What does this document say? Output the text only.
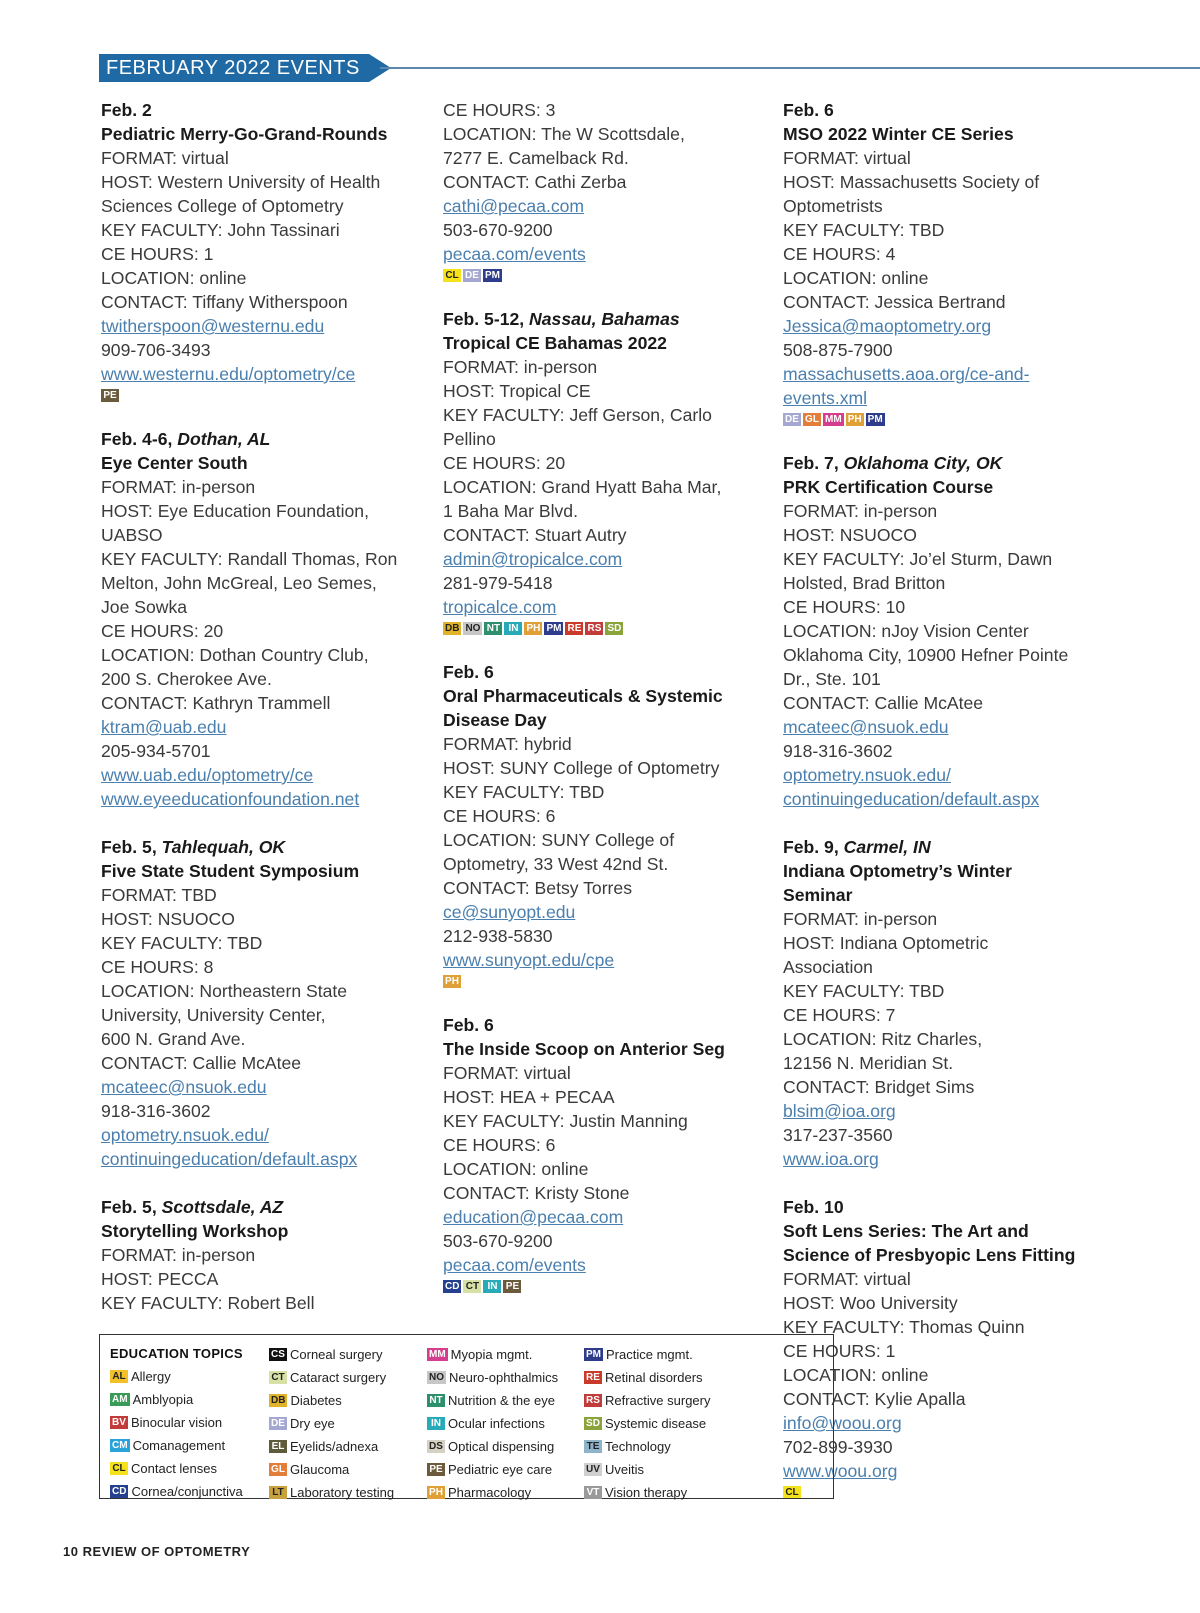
FEBRUARY 2022 EVENTS
Feb. 2
Pediatric Merry-Go-Grand-Rounds
FORMAT: virtual
HOST: Western University of Health
Sciences College of Optometry
KEY FACULTY: John Tassinari
CE HOURS: 1
LOCATION: online
CONTACT: Tiffany Witherspoon
twitherspoon@westernu.edu
909-706-3493
www.westernu.edu/optometry/ce
PE
Feb. 4-6, Dothan, AL
Eye Center South
FORMAT: in-person
HOST: Eye Education Foundation,
UABSO
KEY FACULTY: Randall Thomas, Ron
Melton, John McGreal, Leo Semes,
Joe Sowka
CE HOURS: 20
LOCATION: Dothan Country Club,
200 S. Cherokee Ave.
CONTACT: Kathryn Trammell
ktram@uab.edu
205-934-5701
www.uab.edu/optometry/ce
www.eyeeducationfoundation.net
Feb. 5, Tahlequah, OK
Five State Student Symposium
FORMAT: TBD
HOST: NSUOCO
KEY FACULTY: TBD
CE HOURS: 8
LOCATION: Northeastern State
University, University Center,
600 N. Grand Ave.
CONTACT: Callie McAtee
mcateec@nsuok.edu
918-316-3602
optometry.nsuok.edu/
continuingeducation/default.aspx
Feb. 5, Scottsdale, AZ
Storytelling Workshop
FORMAT: in-person
HOST: PECCA
KEY FACULTY: Robert Bell
CE HOURS: 3
LOCATION: The W Scottsdale,
7277 E. Camelback Rd.
CONTACT: Cathi Zerba
cathi@pecaa.com
503-670-9200
pecaa.com/events
CL DE PM
Feb. 5-12, Nassau, Bahamas
Tropical CE Bahamas 2022
FORMAT: in-person
HOST: Tropical CE
KEY FACULTY: Jeff Gerson, Carlo
Pellino
CE HOURS: 20
LOCATION: Grand Hyatt Baha Mar,
1 Baha Mar Blvd.
CONTACT: Stuart Autry
admin@tropicalce.com
281-979-5418
tropicalce.com
DB NO NT IN PH PM RE RS SD
Feb. 6
Oral Pharmaceuticals & Systemic
Disease Day
FORMAT: hybrid
HOST: SUNY College of Optometry
KEY FACULTY: TBD
CE HOURS: 6
LOCATION: SUNY College of
Optometry, 33 West 42nd St.
CONTACT: Betsy Torres
ce@sunyopt.edu
212-938-5830
www.sunyopt.edu/cpe
PH
Feb. 6
The Inside Scoop on Anterior Seg
FORMAT: virtual
HOST: HEA + PECAA
KEY FACULTY: Justin Manning
CE HOURS: 6
LOCATION: online
CONTACT: Kristy Stone
education@pecaa.com
503-670-9200
pecaa.com/events
CD CT IN PE
Feb. 6
MSO 2022 Winter CE Series
FORMAT: virtual
HOST: Massachusetts Society of
Optometrists
KEY FACULTY: TBD
CE HOURS: 4
LOCATION: online
CONTACT: Jessica Bertrand
Jessica@maoptometry.org
508-875-7900
massachusetts.aoa.org/ce-and-
events.xml
DE GL MM PH PM
Feb. 7, Oklahoma City, OK
PRK Certification Course
FORMAT: in-person
HOST: NSUOCO
KEY FACULTY: Jo’el Sturm, Dawn
Holsted, Brad Britton
CE HOURS: 10
LOCATION: nJoy Vision Center
Oklahoma City, 10900 Hefner Pointe
Dr., Ste. 101
CONTACT: Callie McAtee
mcateec@nsuok.edu
918-316-3602
optometry.nsuok.edu/
continuingeducation/default.aspx
Feb. 9, Carmel, IN
Indiana Optometry’s Winter
Seminar
FORMAT: in-person
HOST: Indiana Optometric
Association
KEY FACULTY: TBD
CE HOURS: 7
LOCATION: Ritz Charles,
12156 N. Meridian St.
CONTACT: Bridget Sims
blsim@ioa.org
317-237-3560
www.ioa.org
Feb. 10
Soft Lens Series: The Art and
Science of Presbyopic Lens Fitting
FORMAT: virtual
HOST: Woo University
KEY FACULTY: Thomas Quinn
CE HOURS: 1
LOCATION: online
CONTACT: Kylie Apalla
info@woou.org
702-899-3930
www.woou.org
CL
EDUCATION TOPICS
AL Allergy
AM Amblyopia
BV Binocular vision
CM Comanagement
CL Contact lenses
CD Cornea/conjunctiva
CS Corneal surgery
CT Cataract surgery
DB Diabetes
DE Dry eye
EL Eyelids/adnexa
GL Glaucoma
LT Laboratory testing
MM Myopia mgmt.
NO Neuro-ophthalmics
NT Nutrition & the eye
IN Ocular infections
DS Optical dispensing
PE Pediatric eye care
PH Pharmacology
PM Practice mgmt.
RE Retinal disorders
RS Refractive surgery
SD Systemic disease
TE Technology
UV Uveitis
VT Vision therapy
10 REVIEW OF OPTOMETRY
